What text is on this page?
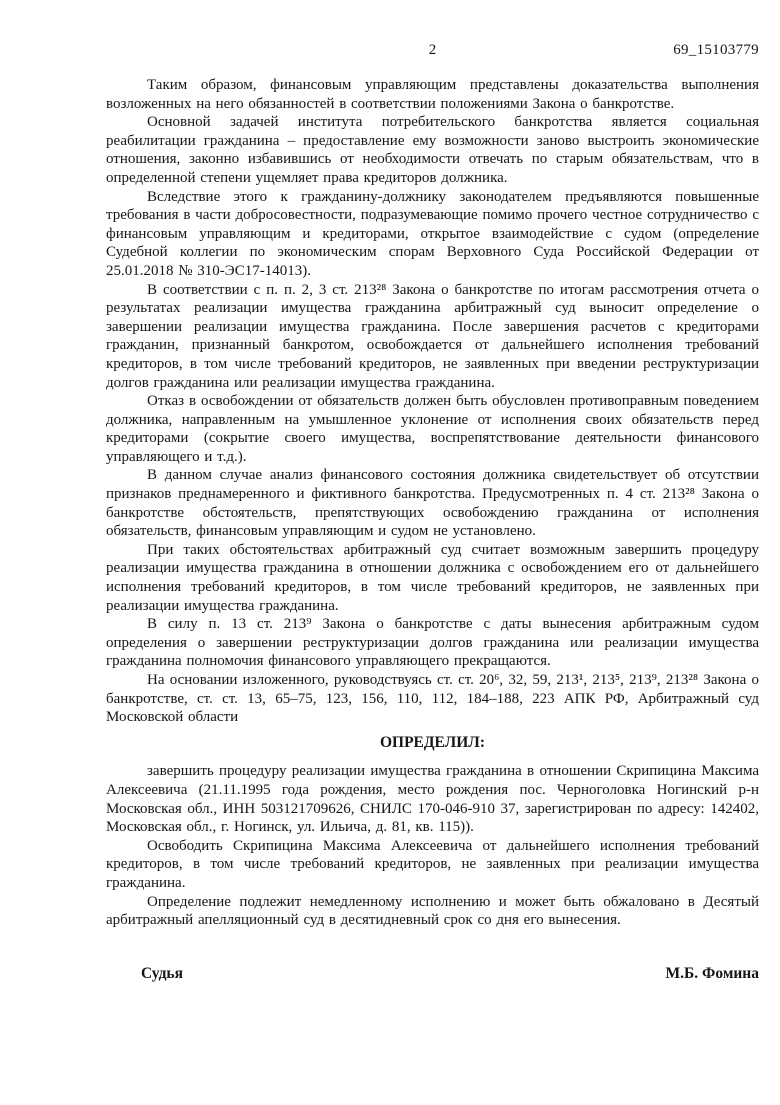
2	69_15103779

Таким образом, финансовым управляющим представлены доказательства выполнения возложенных на него обязанностей в соответствии положениями Закона о банкротстве.

Основной задачей института потребительского банкротства является социальная реабилитации гражданина – предоставление ему возможности заново выстроить экономические отношения, законно избавившись от необходимости отвечать по старым обязательствам, что в определенной степени ущемляет права кредиторов должника.

Вследствие этого к гражданину-должнику законодателем предъявляются повышенные требования в части добросовестности, подразумевающие помимо прочего честное сотрудничество с финансовым управляющим и кредиторами, открытое взаимодействие с судом (определение Судебной коллегии по экономическим спорам Верховного Суда Российской Федерации от 25.01.2018 № 310-ЭС17-14013).

В соответствии с п. п. 2, 3 ст. 213²⁸ Закона о банкротстве по итогам рассмотрения отчета о результатах реализации имущества гражданина арбитражный суд выносит определение о завершении реализации имущества гражданина. После завершения расчетов с кредиторами гражданин, признанный банкротом, освобождается от дальнейшего исполнения требований кредиторов, в том числе требований кредиторов, не заявленных при введении реструктуризации долгов гражданина или реализации имущества гражданина.

Отказ в освобождении от обязательств должен быть обусловлен противоправным поведением должника, направленным на умышленное уклонение от исполнения своих обязательств перед кредиторами (сокрытие своего имущества, воспрепятствование деятельности финансового управляющего и т.д.).

В данном случае анализ финансового состояния должника свидетельствует об отсутствии признаков преднамеренного и фиктивного банкротства. Предусмотренных п. 4 ст. 213²⁸ Закона о банкротстве обстоятельств, препятствующих освобождению гражданина от исполнения обязательств, финансовым управляющим и судом не установлено.

При таких обстоятельствах арбитражный суд считает возможным завершить процедуру реализации имущества гражданина в отношении должника с освобождением его от дальнейшего исполнения требований кредиторов, в том числе требований кредиторов, не заявленных при реализации имущества гражданина.

В силу п. 13 ст. 213⁹ Закона о банкротстве с даты вынесения арбитражным судом определения о завершении реструктуризации долгов гражданина или реализации имущества гражданина полномочия финансового управляющего прекращаются.

На основании изложенного, руководствуясь ст. ст. 20⁶, 32, 59, 213¹, 213⁵, 213⁹, 213²⁸ Закона о банкротстве, ст. ст. 13, 65–75, 123, 156, 110, 112, 184–188, 223 АПК РФ, Арбитражный суд Московской области

ОПРЕДЕЛИЛ:

завершить процедуру реализации имущества гражданина в отношении Скрипицина Максима Алексеевича (21.11.1995 года рождения, место рождения пос. Черноголовка Ногинский р-н Московская обл., ИНН 503121709626, СНИЛС 170-046-910 37, зарегистрирован по адресу: 142402, Московская обл., г. Ногинск, ул. Ильича, д. 81, кв. 115)).

Освободить Скрипицина Максима Алексеевича от дальнейшего исполнения требований кредиторов, в том числе требований кредиторов, не заявленных при реализации имущества гражданина.

Определение подлежит немедленному исполнению и может быть обжаловано в Десятый арбитражный апелляционный суд в десятидневный срок со дня его вынесения.

Судья	М.Б. Фомина
